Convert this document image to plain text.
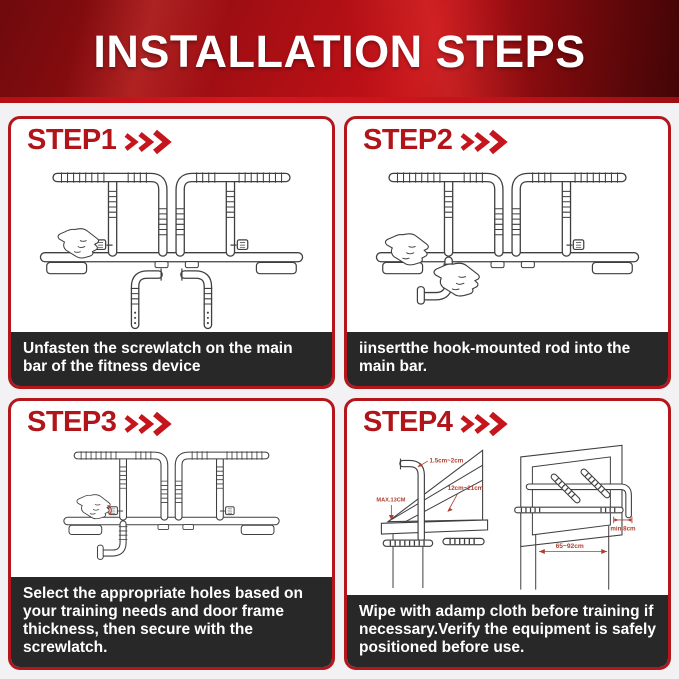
INSTALLATION STEPS
STEP1
Unfasten the screwlatch on the main bar of the fitness device
STEP2
iinsertthe hook-mounted rod into the main bar.
STEP3
Select the appropriate holes based on your training needs and door frame thickness, then secure with the screwlatch.
STEP4
1.5cm~2cm
12cm~21cm
MAX.13CM
min.8cm
65~92cm
Wipe with adamp cloth before training if necessary.Verify the equipment is safely positioned before use.
